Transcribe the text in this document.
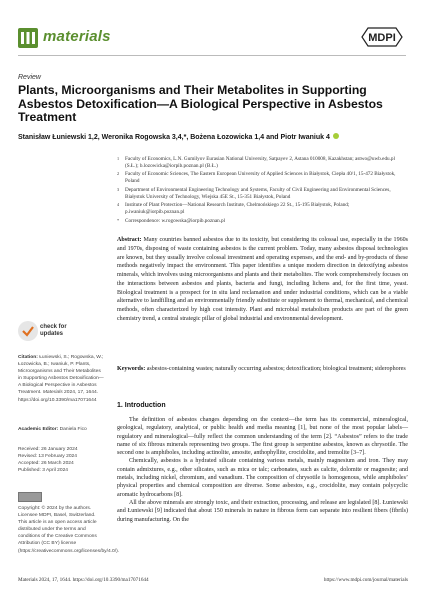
materials	MDPI
Review
Plants, Microorganisms and Their Metabolites in Supporting Asbestos Detoxification—A Biological Perspective in Asbestos Treatment
Stanisław Łuniewski 1,2, Weronika Rogowska 3,4,*, Bożena Łozowicka 1,4 and Piotr Iwaniuk 4
1	Faculty of Economics, L.N. Gumilyov Eurasian National University, Satpayev 2, Astana 010008, Kazakhstan; astwo@uwb.edu.pl (S.Ł.); b.lozowicka@iorpib.poznan.pl (B.Ł.)
2	Faculty of Economic Sciences, The Eastern European University of Applied Sciences in Białystok, Ciepła 40/1, 15-472 Białystok, Poland
3	Department of Environmental Engineering Technology and Systems, Faculty of Civil Engineering and Environmental Sciences, Białystok University of Technology, Wiejska 45E St., 15-351 Białystok, Poland
4	Institute of Plant Protection—National Research Institute, Chelmońskiego 22 St., 15-195 Białystok, Poland; p.iwaniuk@iorpib.poznan.pl
*	Correspondence: w.rogowska@iorpib.poznan.pl
Abstract: Many countries banned asbestos due to its toxicity, but considering its colossal use, especially in the 1960s and 1970s, disposing of waste containing asbestos is the current problem. Today, many asbestos disposal technologies are known, but they usually involve colossal investment and operating expenses, and the end- and by-products of these methods negatively impact the environment. This paper identifies a unique modern direction in detoxifying asbestos minerals, which involves using microorganisms and plants and their metabolites. The work comprehensively focuses on the interactions between asbestos and plants, bacteria and fungi, including lichens and, for the first time, yeast. Biological treatment is a prospect for in situ land reclamation and under industrial conditions, which can be a viable alternative to landfilling and an environmentally friendly substitute or supplement to thermal, mechanical, and chemical methods, often characterized by high cost intensity. Plant and microbial metabolism products are part of the green chemistry trend, a central strategic pillar of global industrial and environmental development.
Keywords: asbestos-containing wastes; naturally occurring asbestos; detoxification; biological treatment; siderophores
check for updates
Citation: Łuniewski, S.; Rogowska, W.; Łozowicka, B.; Iwaniuk, P. Plants, Microorganisms and Their Metabolites in Supporting Asbestos Detoxification—A Biological Perspective in Asbestos Treatment. Materials 2024, 17, 1644. https://doi.org/10.3390/ma17071644
Academic Editor: Daniela Fico
Received: 26 January 2024
Revised: 13 February 2024
Accepted: 26 March 2024
Published: 3 April 2024
Copyright: © 2024 by the authors. Licensee MDPI, Basel, Switzerland. This article is an open access article distributed under the terms and conditions of the Creative Commons Attribution (CC BY) license (https://creativecommons.org/licenses/by/4.0/).
1. Introduction

The definition of asbestos changes depending on the context—the term has its commercial, mineralogical, geological, regulatory, analytical, or public health and media meaning [1], but none of the most popular labels—regulatory and mineralogical—fully reflect the common understanding of the term [2]. “Asbestos” refers to the trade name of six fibrous minerals representing two groups. The first group is serpentine asbestos, known as chrysotile. The second one is amphiboles, including actinolite, amosite, anthophyllite, crocidolite, and tremolite [3–7].

Chemically, asbestos is a hydrated silicate containing various metals, mainly magnesium and iron. They may contain admixtures, e.g., other silicates, such as mica or talc; carbonates, such as calcite, dolomite or magnesite; and metals, including nickel, chromium, and vanadium. The composition of chrysotile is homogenous, while amphiboles’ physical properties and chemical composition are diverse. Some asbestos, e.g., crocidolite, may contain polycyclic aromatic hydrocarbons [8].

All the above minerals are strongly toxic, and their extraction, processing, and release are legislated [8]. Łuniewski and Łuniewski [9] indicated that about 150 minerals in nature in fibrous form can separate into resilient fibers (fibrils) during manufacturing. On the

Materials 2024, 17, 1644. https://doi.org/10.3390/ma17071644	https://www.mdpi.com/journal/materials
